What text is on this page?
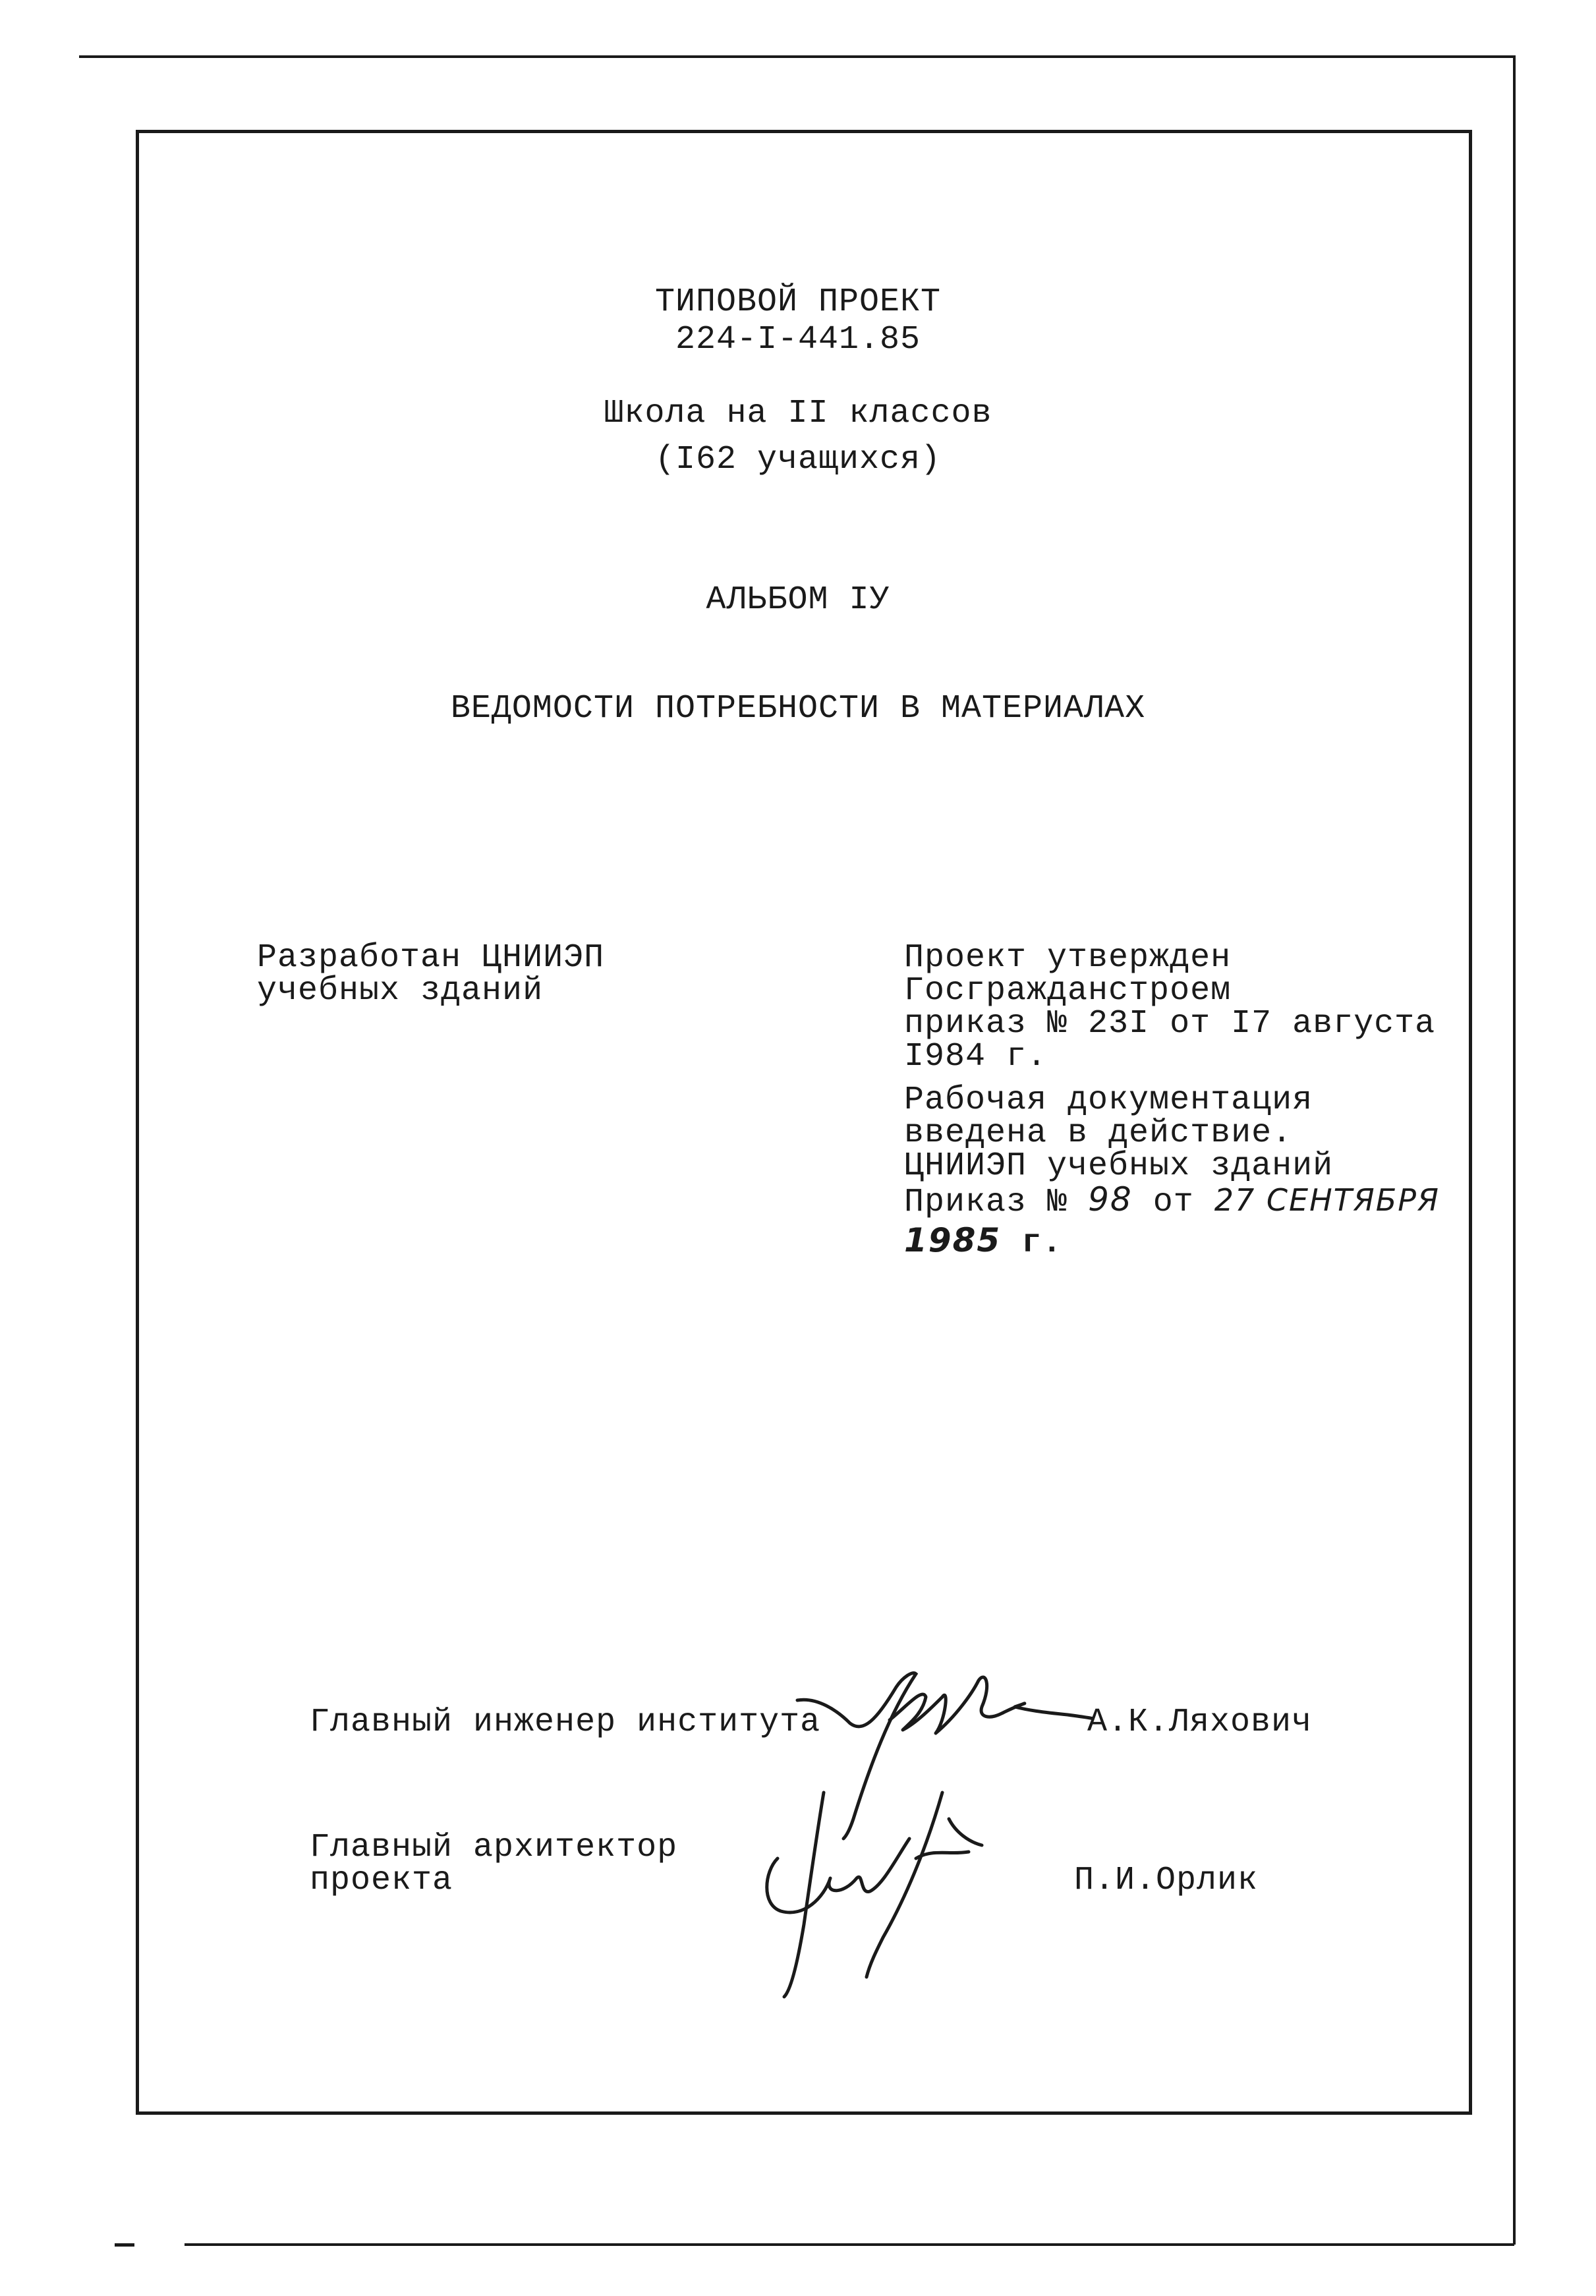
ТИПОВОЙ ПРОЕКТ
224-I-441.85
Школа на II классов
(I62 учащихся)
АЛЬБОМ IУ
ВЕДОМОСТИ ПОТРЕБНОСТИ В МАТЕРИАЛАХ
Разработан ЦНИИЭП
учебных зданий
Проект утвержден
Госгражданстроем
приказ № 23I от I7 августа
I984 г.
Рабочая документация
введена в действие.
ЦНИИЭП учебных зданий
Приказ № 98 от 27 СЕНТЯБРЯ
1985 г.
Главный инженер института	А.К.Ляхович
Главный архитектор
проекта	П.И.Орлик
